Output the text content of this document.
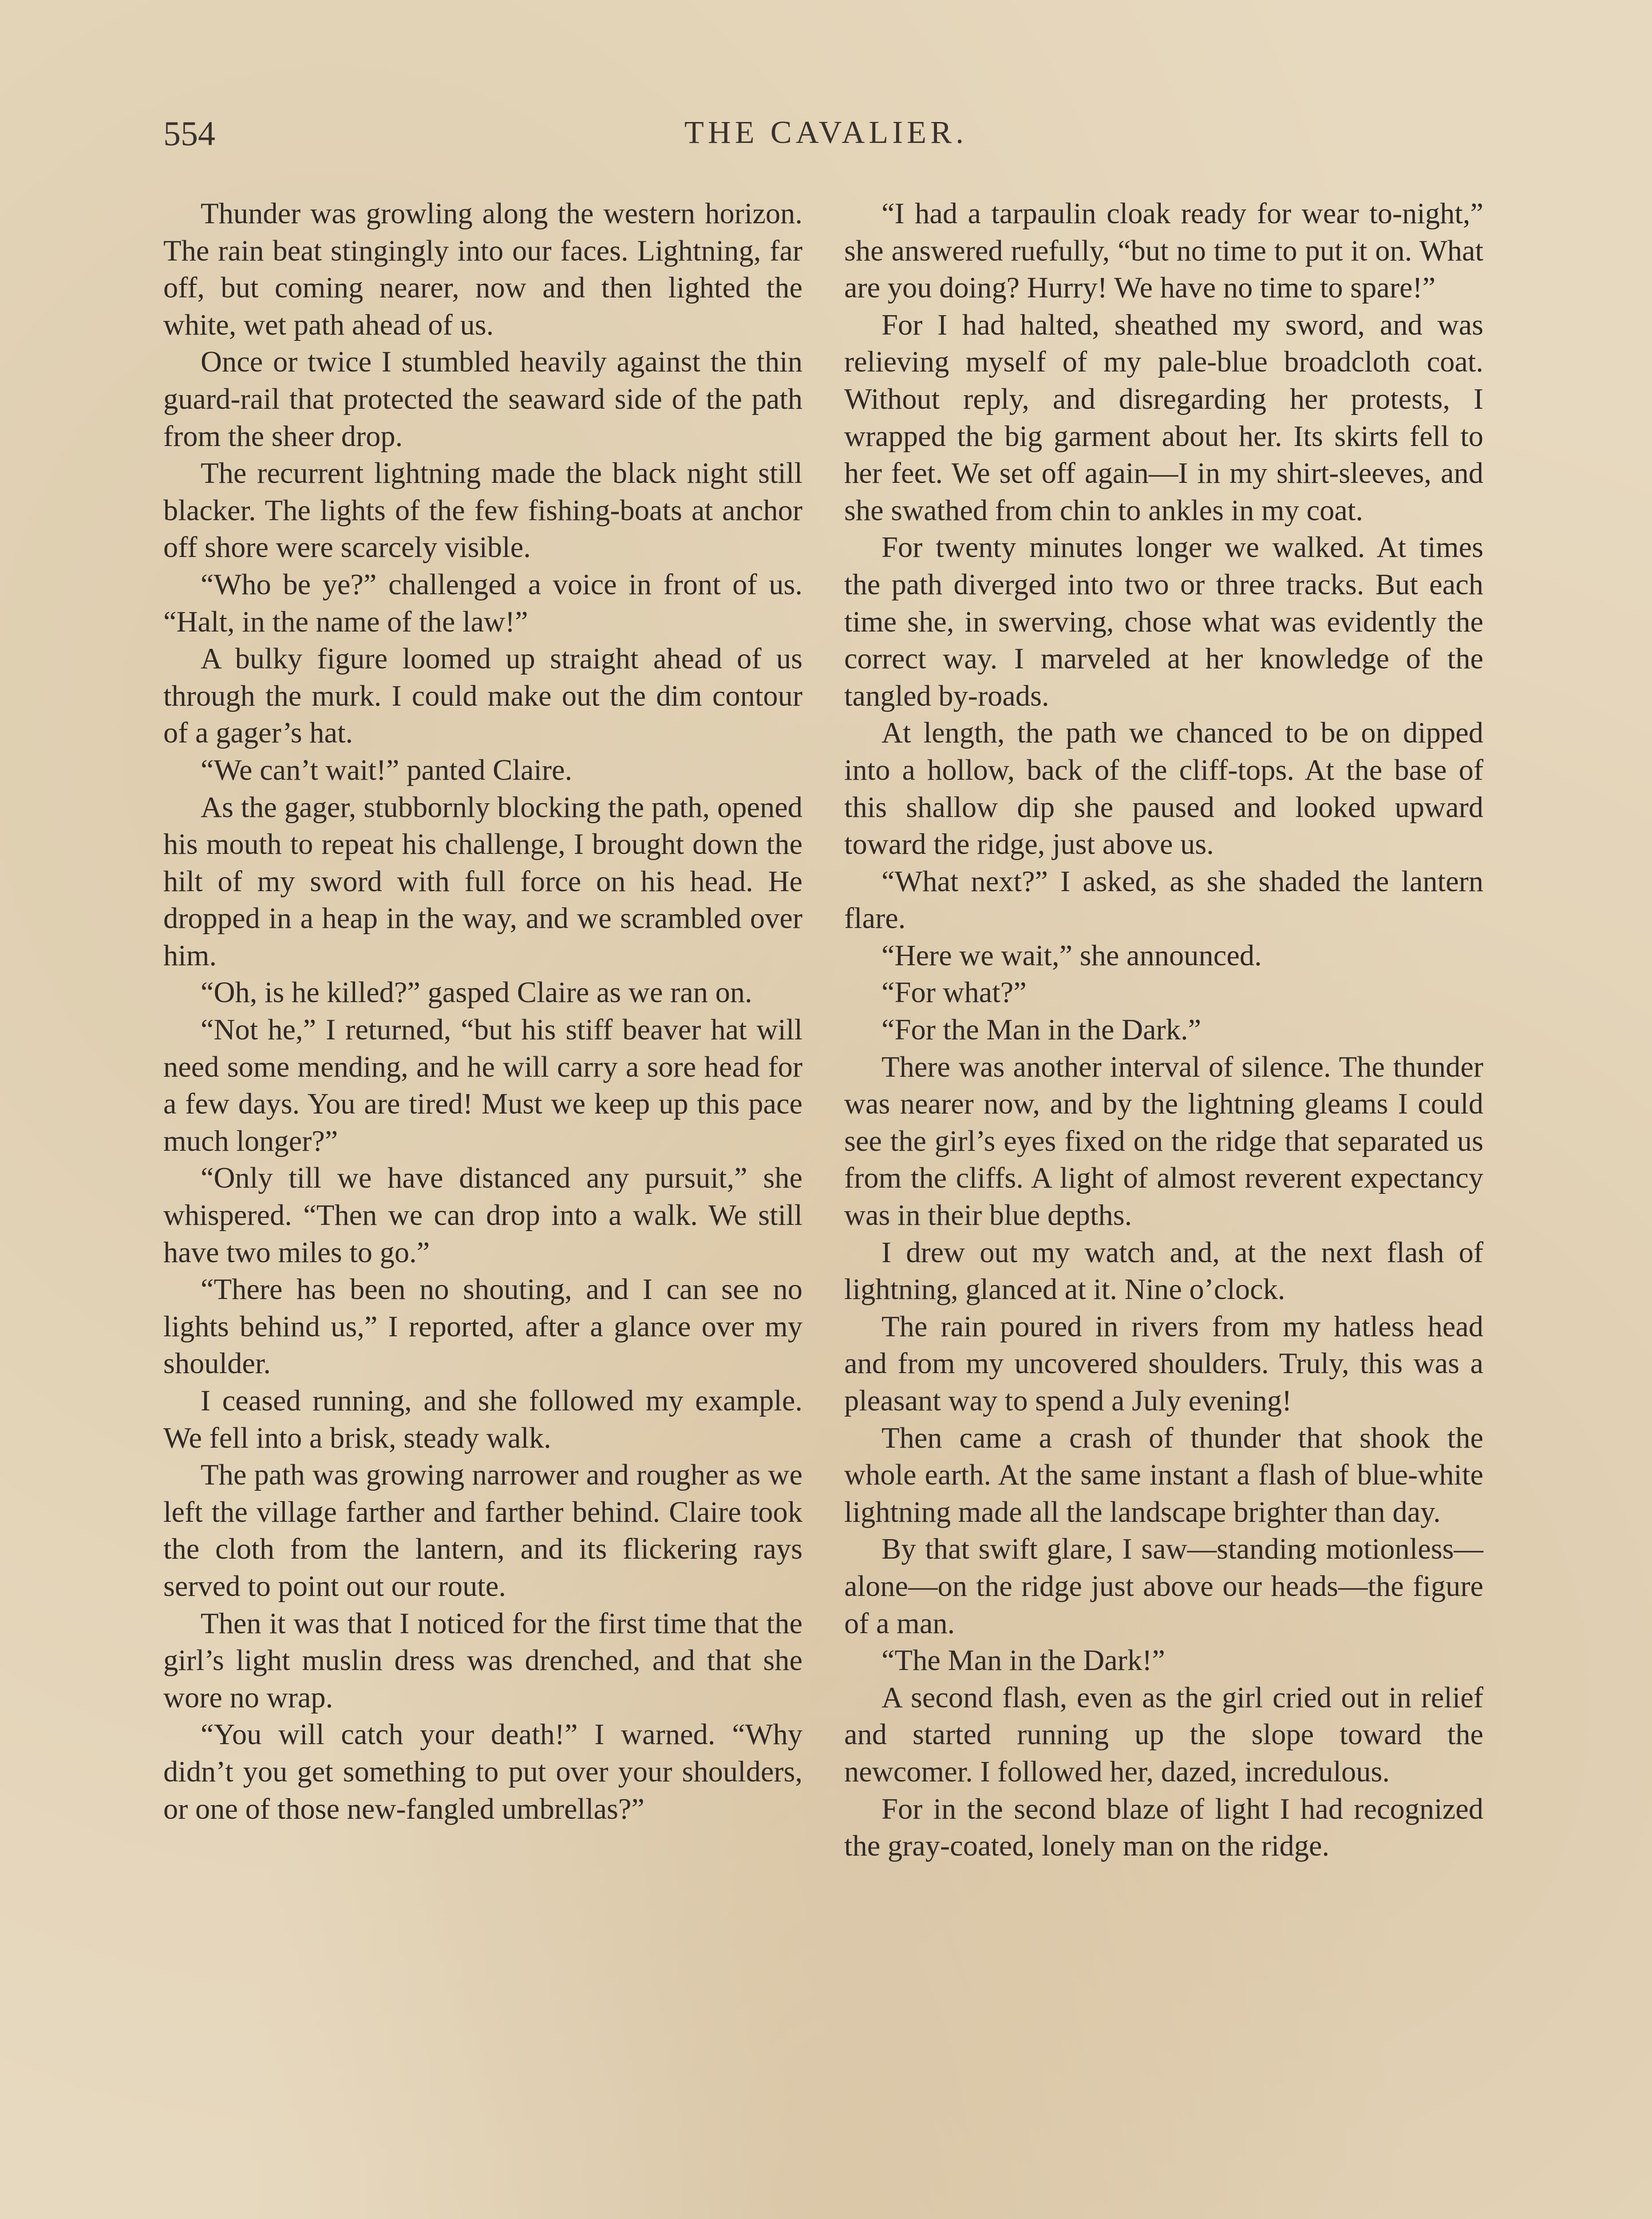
554	THE CAVALIER.

Thunder was growling along the western horizon. The rain beat stingingly into our faces. Lightning, far off, but coming nearer, now and then lighted the white, wet path ahead of us.

Once or twice I stumbled heavily against the thin guard-rail that protected the seaward side of the path from the sheer drop.

The recurrent lightning made the black night still blacker. The lights of the few fishing-boats at anchor off shore were scarcely visible.

“Who be ye?” challenged a voice in front of us. “Halt, in the name of the law!”

A bulky figure loomed up straight ahead of us through the murk. I could make out the dim contour of a gager’s hat.

“We can’t wait!” panted Claire.

As the gager, stubbornly blocking the path, opened his mouth to repeat his challenge, I brought down the hilt of my sword with full force on his head. He dropped in a heap in the way, and we scrambled over him.

“Oh, is he killed?” gasped Claire as we ran on.

“Not he,” I returned, “but his stiff beaver hat will need some mending, and he will carry a sore head for a few days. You are tired! Must we keep up this pace much longer?”

“Only till we have distanced any pursuit,” she whispered. “Then we can drop into a walk. We still have two miles to go.”

“There has been no shouting, and I can see no lights behind us,” I reported, after a glance over my shoulder.

I ceased running, and she followed my example. We fell into a brisk, steady walk.

The path was growing narrower and rougher as we left the village farther and farther behind. Claire took the cloth from the lantern, and its flickering rays served to point out our route.

Then it was that I noticed for the first time that the girl’s light muslin dress was drenched, and that she wore no wrap.

“You will catch your death!” I warned. “Why didn’t you get something to put over your shoulders, or one of those new-fangled umbrellas?”

“I had a tarpaulin cloak ready for wear to-night,” she answered ruefully, “but no time to put it on. What are you doing? Hurry! We have no time to spare!”

For I had halted, sheathed my sword, and was relieving myself of my pale-blue broadcloth coat. Without reply, and disregarding her protests, I wrapped the big garment about her. Its skirts fell to her feet. We set off again—I in my shirt-sleeves, and she swathed from chin to ankles in my coat.

For twenty minutes longer we walked. At times the path diverged into two or three tracks. But each time she, in swerving, chose what was evidently the correct way. I marveled at her knowledge of the tangled by-roads.

At length, the path we chanced to be on dipped into a hollow, back of the cliff-tops. At the base of this shallow dip she paused and looked upward toward the ridge, just above us.

“What next?” I asked, as she shaded the lantern flare.

“Here we wait,” she announced.

“For what?”

“For the Man in the Dark.”

There was another interval of silence. The thunder was nearer now, and by the lightning gleams I could see the girl’s eyes fixed on the ridge that separated us from the cliffs. A light of almost reverent expectancy was in their blue depths.

I drew out my watch and, at the next flash of lightning, glanced at it. Nine o’clock.

The rain poured in rivers from my hatless head and from my uncovered shoulders. Truly, this was a pleasant way to spend a July evening!

Then came a crash of thunder that shook the whole earth. At the same instant a flash of blue-white lightning made all the landscape brighter than day.

By that swift glare, I saw—standing motionless—alone—on the ridge just above our heads—the figure of a man.

“The Man in the Dark!”

A second flash, even as the girl cried out in relief and started running up the slope toward the newcomer. I followed her, dazed, incredulous.

For in the second blaze of light I had recognized the gray-coated, lonely man on the ridge.
